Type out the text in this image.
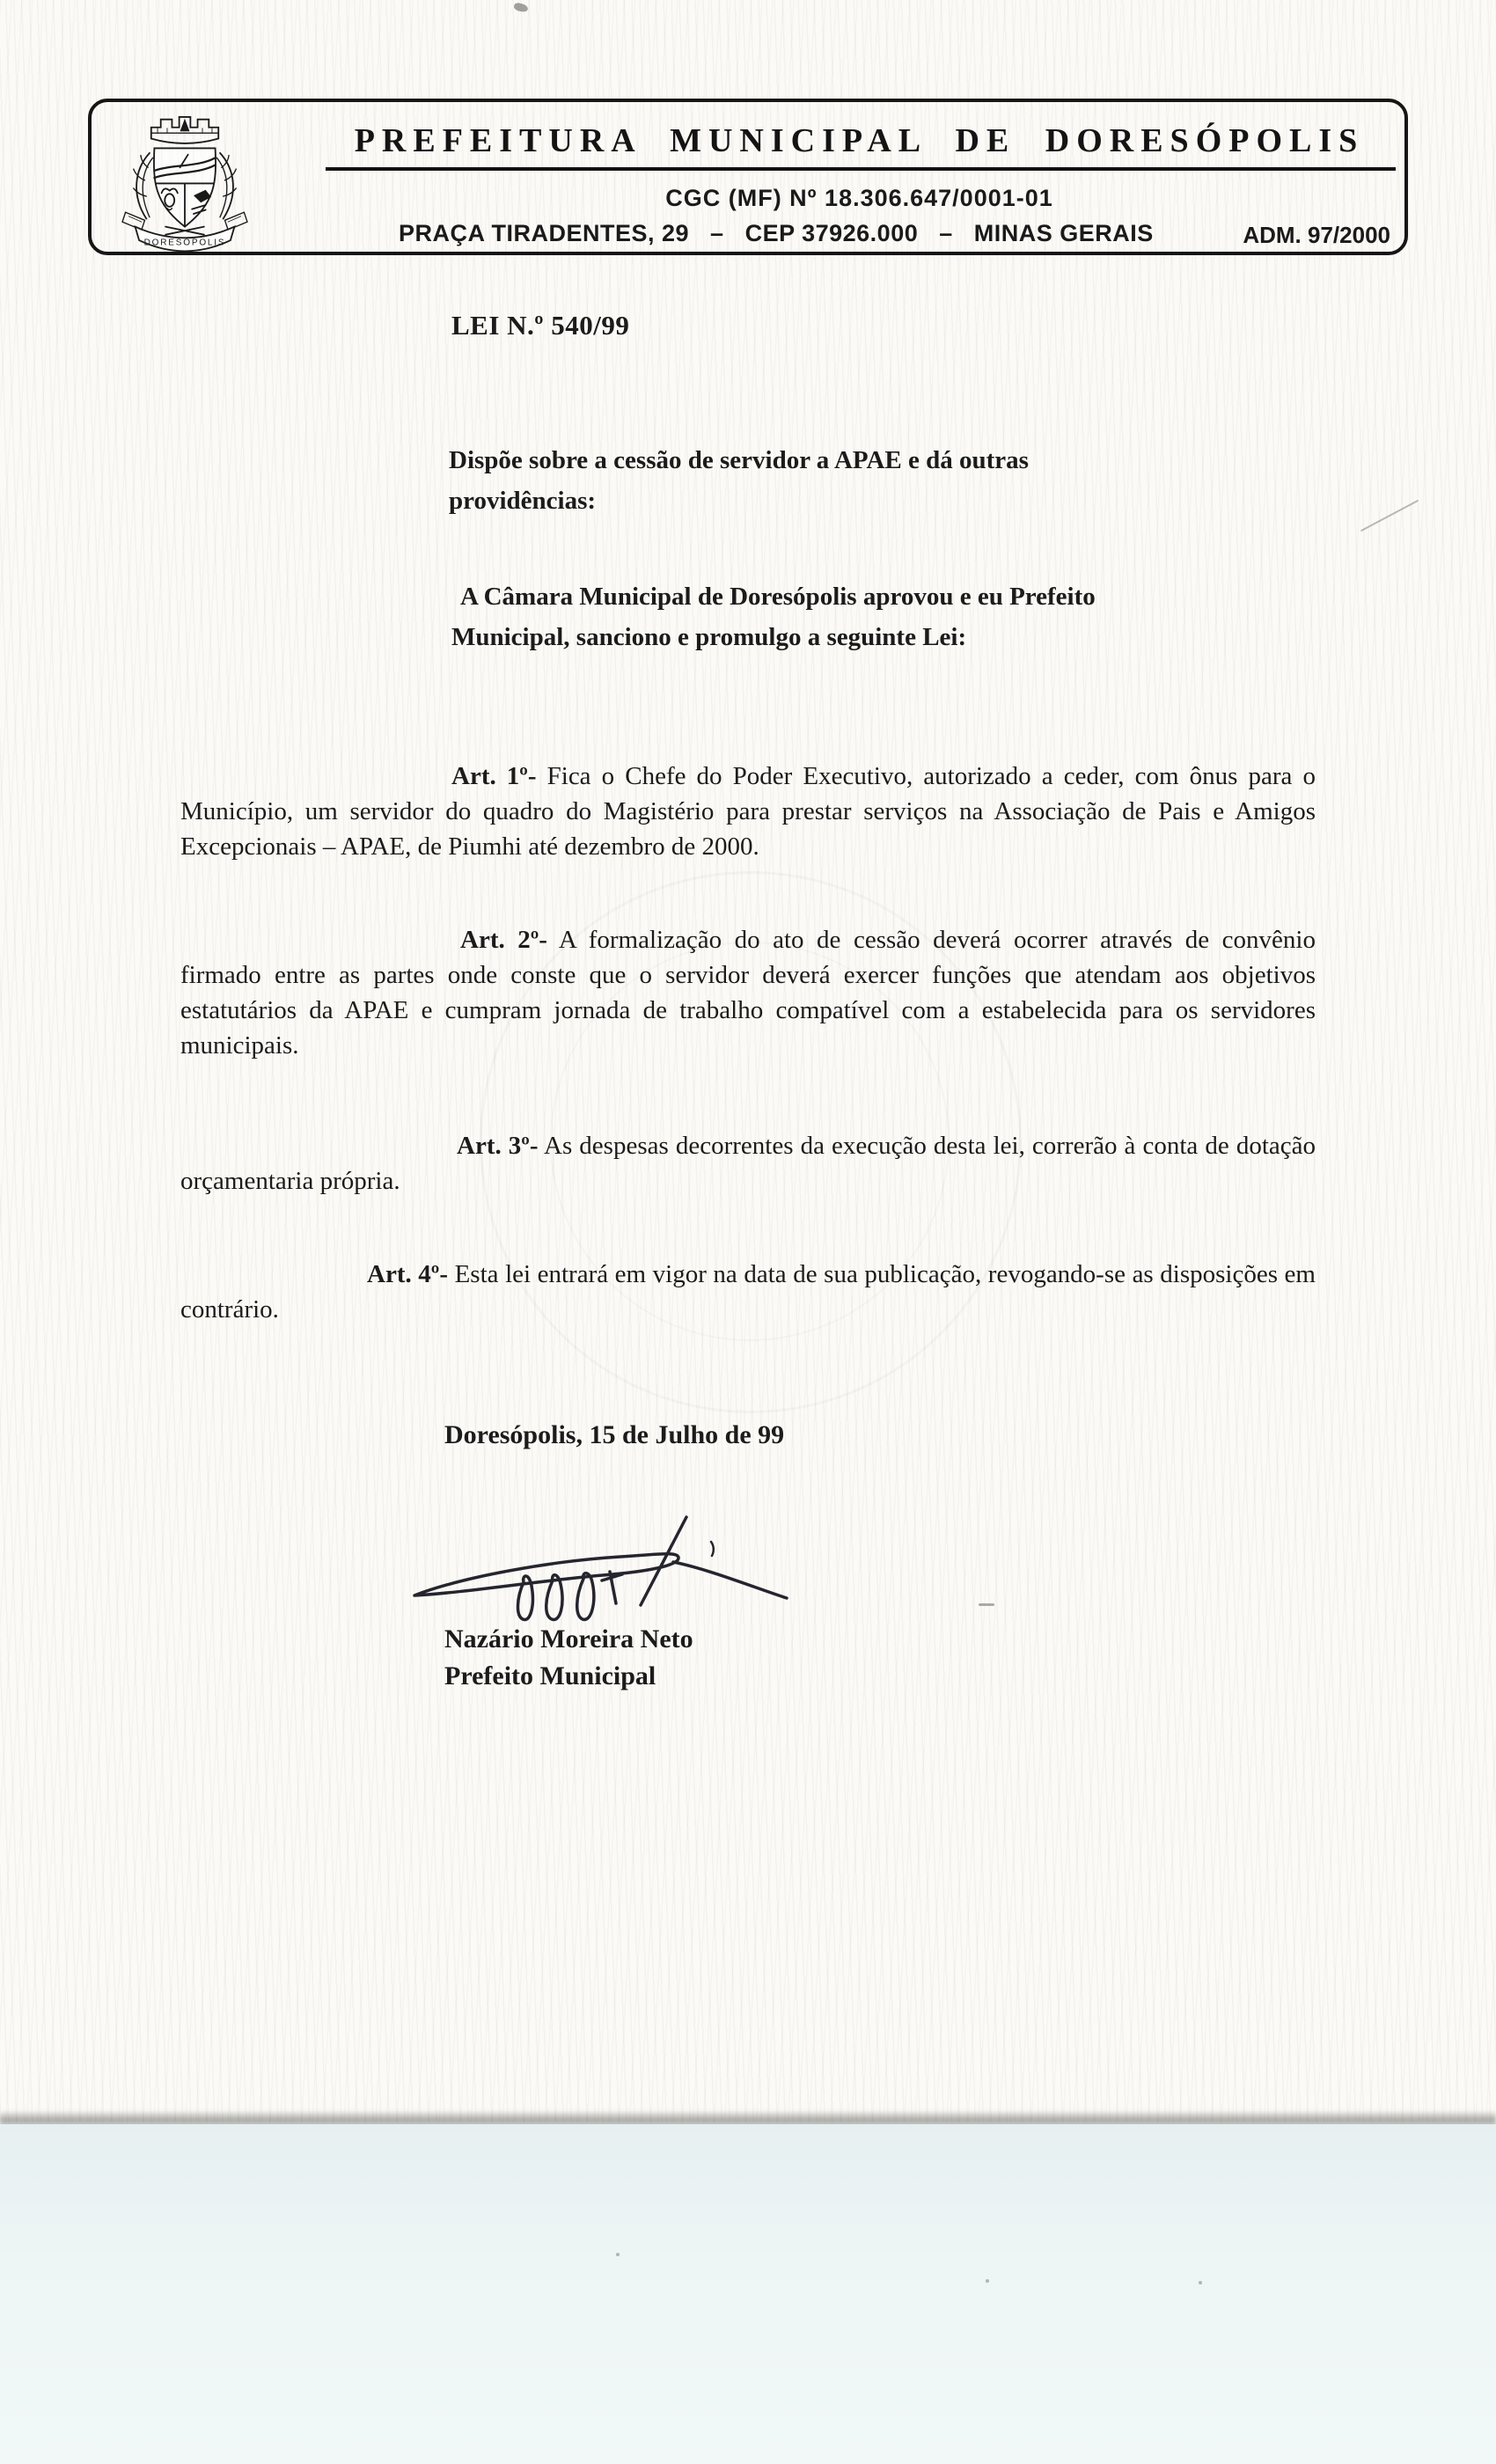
DORESOPOLIS
PREFEITURA MUNICIPAL DE DORESÓPOLIS
CGC (MF) Nº 18.306.647/0001-01
PRAÇA TIRADENTES, 29   –   CEP 37926.000   –   MINAS GERAIS	ADM. 97/2000
LEI N.º 540/99
Dispõe sobre a cessão de servidor a APAE e dá outras providências:
A Câmara Municipal de Doresópolis aprovou e eu Prefeito Municipal, sanciono e promulgo a seguinte Lei:

Art. 1º- Fica o Chefe do Poder Executivo, autorizado a ceder, com ônus para o Município, um servidor do quadro do Magistério para prestar serviços na Associação de Pais e Amigos Excepcionais – APAE, de Piumhi até dezembro de 2000.

Art. 2º- A formalização do ato de cessão deverá ocorrer através de convênio firmado entre as partes onde conste que o servidor deverá exercer funções que atendam aos objetivos estatutários da APAE e cumpram jornada de trabalho compatível com a estabelecida para os servidores municipais.

Art. 3º- As despesas decorrentes da execução desta lei, correrão à conta de dotação orçamentaria própria.

Art. 4º- Esta lei entrará em vigor na data de sua publicação, revogando-se as disposições em contrário.

Doresópolis, 15 de Julho de 99
Nazário Moreira Neto
Prefeito Municipal
